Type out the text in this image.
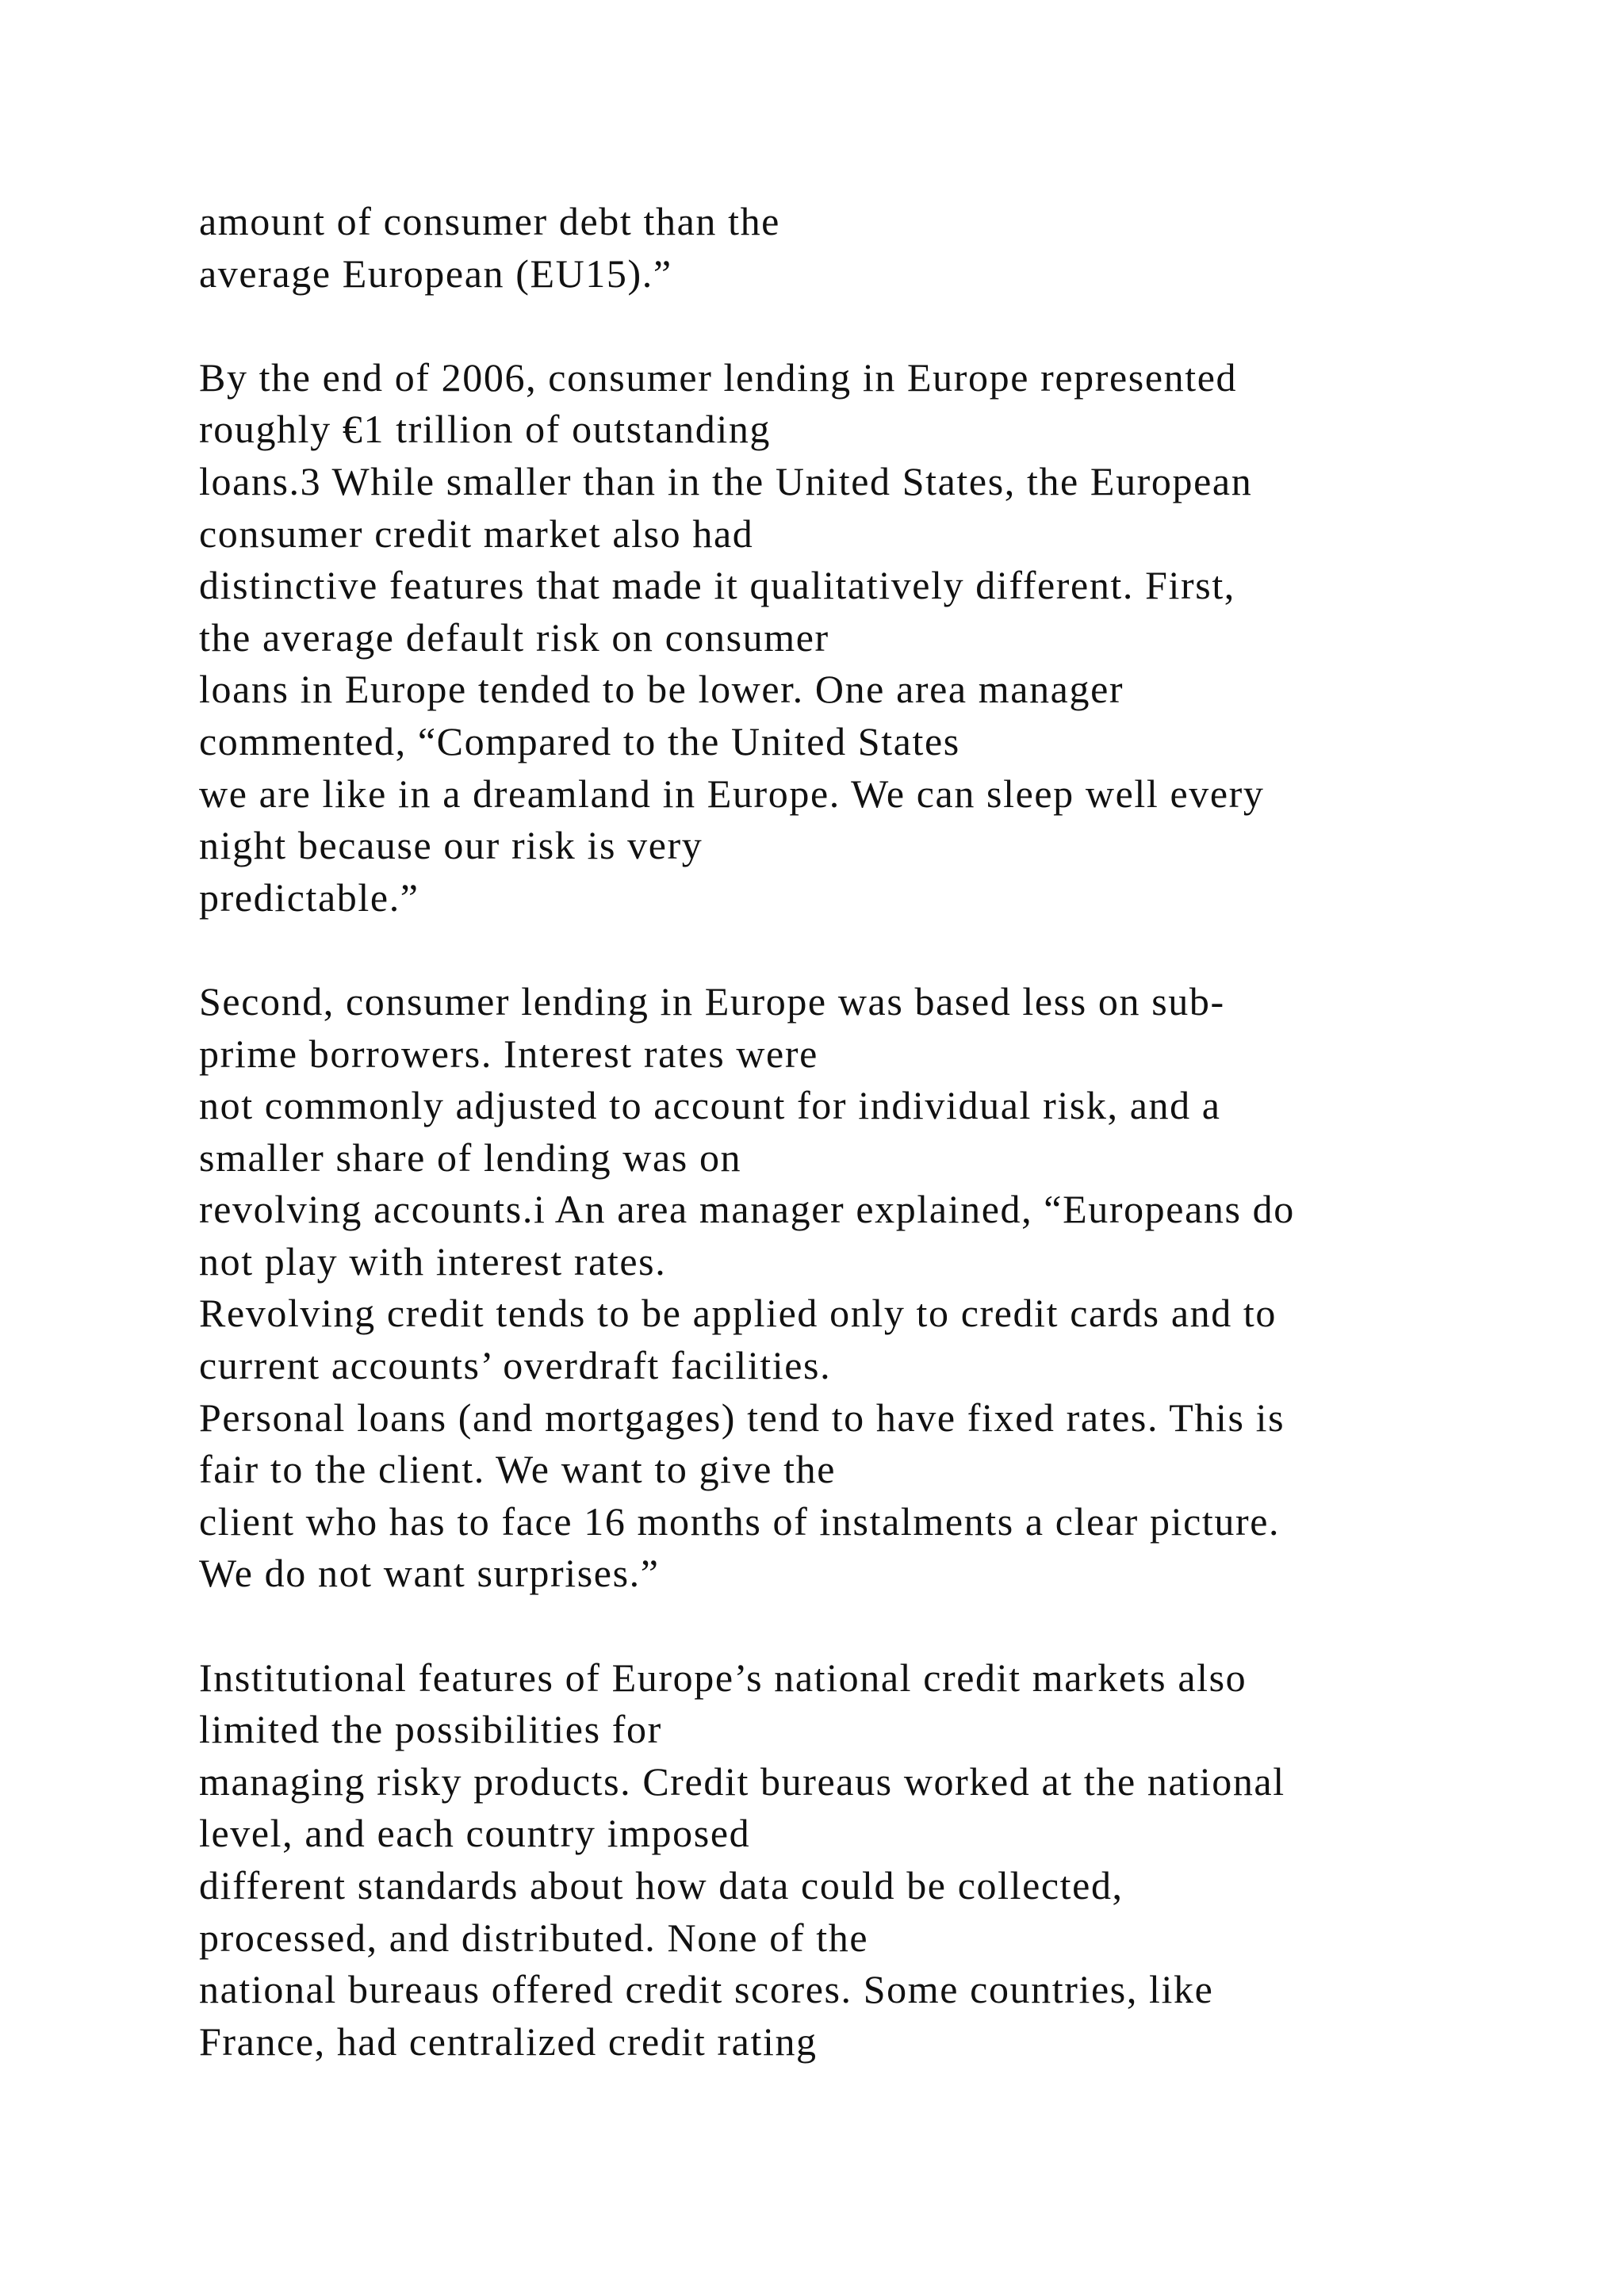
amount of consumer debt than the
average European (EU15).”
By the end of 2006, consumer lending in Europe represented
roughly €1 trillion of outstanding
loans.3 While smaller than in the United States, the European
consumer credit market also had
distinctive features that made it qualitatively different. First,
the average default risk on consumer
loans in Europe tended to be lower. One area manager
commented, “Compared to the United States
we are like in a dreamland in Europe. We can sleep well every
night because our risk is very
predictable.”
Second, consumer lending in Europe was based less on sub-
prime borrowers. Interest rates were
not commonly adjusted to account for individual risk, and a
smaller share of lending was on
revolving accounts.i An area manager explained, “Europeans do
not play with interest rates.
Revolving credit tends to be applied only to credit cards and to
current accounts’ overdraft facilities.
Personal loans (and mortgages) tend to have fixed rates. This is
fair to the client. We want to give the
client who has to face 16 months of instalments a clear picture.
We do not want surprises.”
Institutional features of Europe’s national credit markets also
limited the possibilities for
managing risky products. Credit bureaus worked at the national
level, and each country imposed
different standards about how data could be collected,
processed, and distributed. None of the
national bureaus offered credit scores. Some countries, like
France, had centralized credit rating
